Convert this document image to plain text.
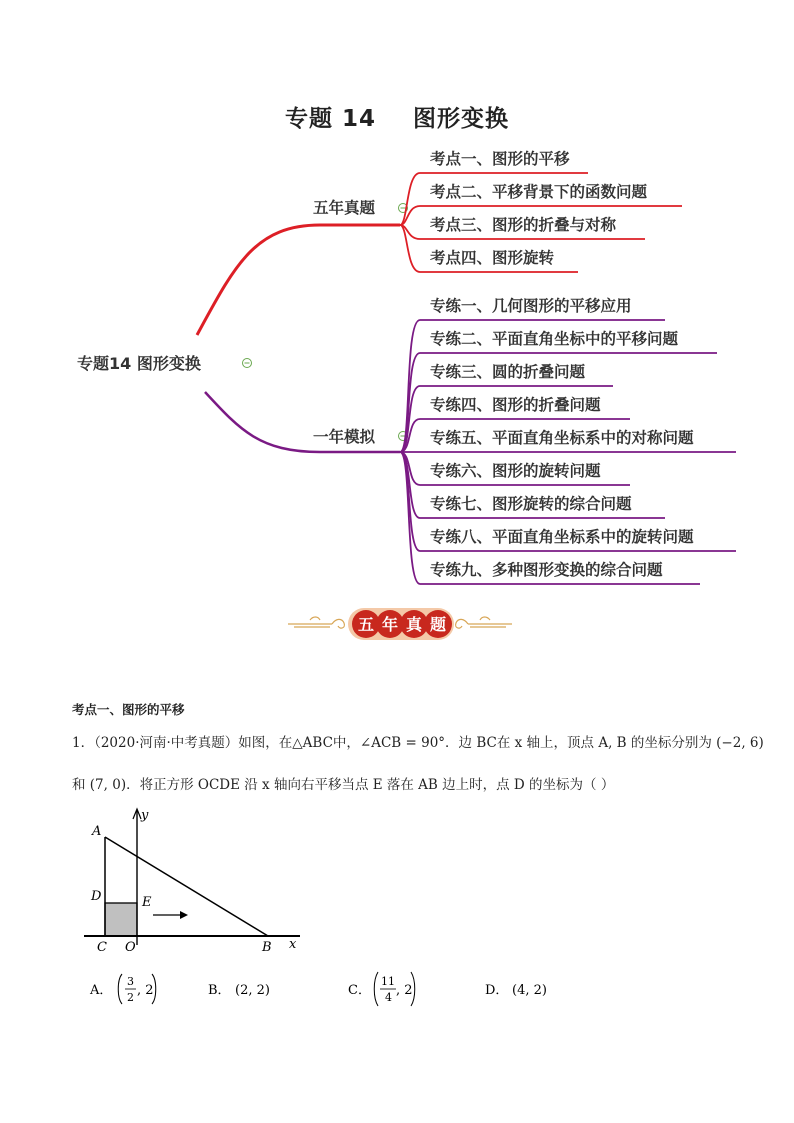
专题 14 图形变换
专题14 图形变换
五年真题
一年模拟
考点一、图形的平移
考点二、平移背景下的函数问题
考点三、图形的折叠与对称
考点四、图形旋转
专练一、几何图形的平移应用
专练二、平面直角坐标中的平移问题
专练三、圆的折叠问题
专练四、图形的折叠问题
专练五、平面直角坐标系中的对称问题
专练六、图形的旋转问题
专练七、图形旋转的综合问题
专练八、平面直角坐标系中的旋转问题
专练九、多种图形变换的综合问题
五 年 真 题
考点一、图形的平移
1．（2020·河南·中考真题）如图，在△ABC中，∠ACB = 90°．边 BC在 x 轴上，顶点 A, B 的坐标分别为 (−2, 6)
和 (7, 0)．将正方形 OCDE 沿 x 轴向右平移当点 E 落在 AB 边上时，点 D 的坐标为（ ）
A
D	E
C O	B x
y
A．
3
2 , 2	B． (2, 2)	C．
11
4 , 2	D． (4, 2)
